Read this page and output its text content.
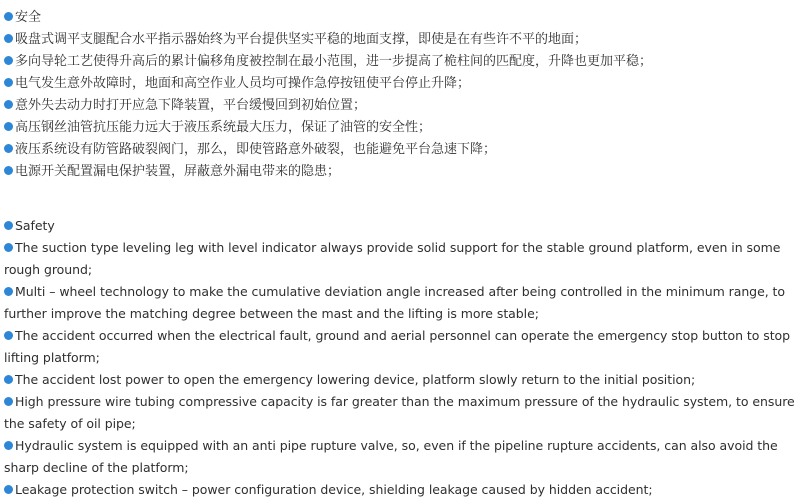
安全
吸盘式调平支腿配合水平指示器始终为平台提供坚实平稳的地面支撑，即使是在有些许不平的地面；
多向导轮工艺使得升高后的累计偏移角度被控制在最小范围，进一步提高了桅柱间的匹配度，升降也更加平稳；
电气发生意外故障时，地面和高空作业人员均可操作急停按钮使平台停止升降；
意外失去动力时打开应急下降装置，平台缓慢回到初始位置；
高压钢丝油管抗压能力远大于液压系统最大压力，保证了油管的安全性；
液压系统设有防管路破裂阀门，那么，即使管路意外破裂，也能避免平台急速下降；
电源开关配置漏电保护装置，屏蔽意外漏电带来的隐患；
Safety
The suction type leveling leg with level indicator always provide solid support for the stable ground platform, even in some rough ground;
Multi – wheel technology to make the cumulative deviation angle increased after being controlled in the minimum range, to further improve the matching degree between the mast and the lifting is more stable;
The accident occurred when the electrical fault, ground and aerial personnel can operate the emergency stop button to stop lifting platform;
The accident lost power to open the emergency lowering device, platform slowly return to the initial position;
High pressure wire tubing compressive capacity is far greater than the maximum pressure of the hydraulic system, to ensure the safety of oil pipe;
Hydraulic system is equipped with an anti pipe rupture valve, so, even if the pipeline rupture accidents, can also avoid the sharp decline of the platform;
Leakage protection switch – power configuration device, shielding leakage caused by hidden accident;
